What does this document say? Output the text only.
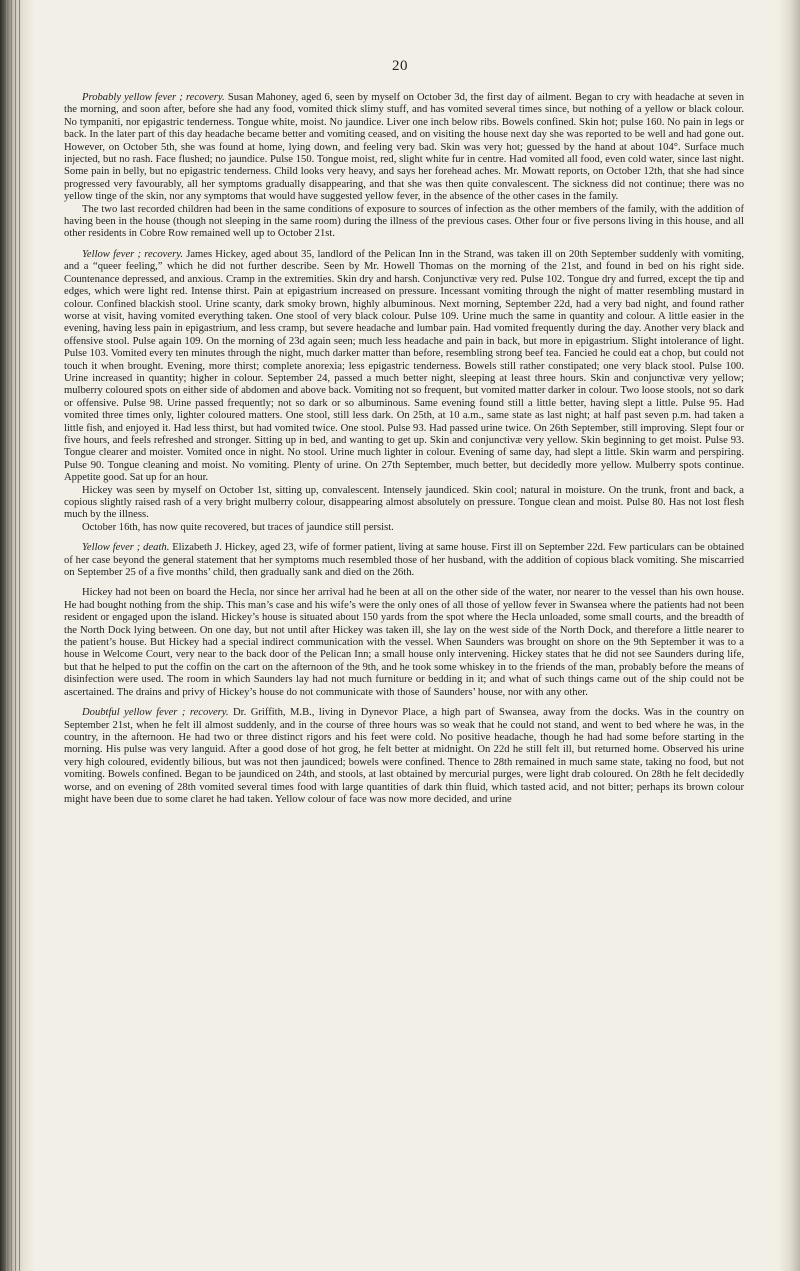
20

Probably yellow fever ; recovery. Susan Mahoney, aged 6, seen by myself on October 3d, the first day of ailment. Began to cry with headache at seven in the morning, and soon after, before she had any food, vomited thick slimy stuff, and has vomited several times since, but nothing of a yellow or black colour. No tympaniti, nor epigastric tenderness. Tongue white, moist. No jaundice. Liver one inch below ribs. Bowels confined. Skin hot; pulse 160. No pain in legs or back. In the later part of this day headache became better and vomiting ceased, and on visiting the house next day she was reported to be well and had gone out. However, on October 5th, she was found at home, lying down, and feeling very bad. Skin was very hot; guessed by the hand at about 104°. Surface much injected, but no rash. Face flushed; no jaundice. Pulse 150. Tongue moist, red, slight white fur in centre. Had vomited all food, even cold water, since last night. Some pain in belly, but no epigastric tenderness. Child looks very heavy, and says her forehead aches. Mr. Mowatt reports, on October 12th, that she had since progressed very favourably, all her symptoms gradually disappearing, and that she was then quite convalescent. The sickness did not continue; there was no yellow tinge of the skin, nor any symptoms that would have suggested yellow fever, in the absence of the other cases in the family.

The two last recorded children had been in the same conditions of exposure to sources of infection as the other members of the family, with the addition of having been in the house (though not sleeping in the same room) during the illness of the previous cases. Other four or five persons living in this house, and all other residents in Cobre Row remained well up to October 21st.

Yellow fever ; recovery. James Hickey, aged about 35, landlord of the Pelican Inn in the Strand, was taken ill on 20th September suddenly with vomiting, and a “queer feeling,” which he did not further describe. Seen by Mr. Howell Thomas on the morning of the 21st, and found in bed on his right side. Countenance depressed, and anxious. Cramp in the extremities. Skin dry and harsh. Conjunctivæ very red. Pulse 102. Tongue dry and furred, except the tip and edges, which were light red. Intense thirst. Pain at epigastrium increased on pressure. Incessant vomiting through the night of matter resembling mustard in colour. Confined blackish stool. Urine scanty, dark smoky brown, highly albuminous. Next morning, September 22d, had a very bad night, and found rather worse at visit, having vomited everything taken. One stool of very black colour. Pulse 109. Urine much the same in quantity and colour. A little easier in the evening, having less pain in epigastrium, and less cramp, but severe headache and lumbar pain. Had vomited frequently during the day. Another very black and offensive stool. Pulse again 109. On the morning of 23d again seen; much less headache and pain in back, but more in epigastrium. Slight intolerance of light. Pulse 103. Vomited every ten minutes through the night, much darker matter than before, resembling strong beef tea. Fancied he could eat a chop, but could not touch it when brought. Evening, more thirst; complete anorexia; less epigastric tenderness. Bowels still rather constipated; one very black stool. Pulse 100. Urine increased in quantity; higher in colour. September 24, passed a much better night, sleeping at least three hours. Skin and conjunctivæ very yellow; mulberry coloured spots on either side of abdomen and above back. Vomiting not so frequent, but vomited matter darker in colour. Two loose stools, not so dark or offensive. Pulse 98. Urine passed frequently; not so dark or so albuminous. Same evening found still a little better, having slept a little. Pulse 95. Had vomited three times only, lighter coloured matters. One stool, still less dark. On 25th, at 10 a.m., same state as last night; at half past seven p.m. had taken a little fish, and enjoyed it. Had less thirst, but had vomited twice. One stool. Pulse 93. Had passed urine twice. On 26th September, still improving. Slept four or five hours, and feels refreshed and stronger. Sitting up in bed, and wanting to get up. Skin and conjunctivæ very yellow. Skin beginning to get moist. Pulse 93. Tongue clearer and moister. Vomited once in night. No stool. Urine much lighter in colour. Evening of same day, had slept a little. Skin warm and perspiring. Pulse 90. Tongue cleaning and moist. No vomiting. Plenty of urine. On 27th September, much better, but decidedly more yellow. Mulberry spots continue. Appetite good. Sat up for an hour.

Hickey was seen by myself on October 1st, sitting up, convalescent. Intensely jaundiced. Skin cool; natural in moisture. On the trunk, front and back, a copious slightly raised rash of a very bright mulberry colour, disappearing almost absolutely on pressure. Tongue clean and moist. Pulse 80. Has not lost flesh much by the illness.

October 16th, has now quite recovered, but traces of jaundice still persist.

Yellow fever ; death. Elizabeth J. Hickey, aged 23, wife of former patient, living at same house. First ill on September 22d. Few particulars can be obtained of her case beyond the general statement that her symptoms much resembled those of her husband, with the addition of copious black vomiting. She miscarried on September 25 of a five months’ child, then gradually sank and died on the 26th.

Hickey had not been on board the Hecla, nor since her arrival had he been at all on the other side of the water, nor nearer to the vessel than his own house. He had bought nothing from the ship. This man’s case and his wife’s were the only ones of all those of yellow fever in Swansea where the patients had not been resident or engaged upon the island. Hickey’s house is situated about 150 yards from the spot where the Hecla unloaded, some small courts, and the breadth of the North Dock lying between. On one day, but not until after Hickey was taken ill, she lay on the west side of the North Dock, and therefore a little nearer to the patient’s house. But Hickey had a special indirect communication with the vessel. When Saunders was brought on shore on the 9th September it was to a house in Welcome Court, very near to the back door of the Pelican Inn; a small house only intervening. Hickey states that he did not see Saunders during life, but that he helped to put the coffin on the cart on the afternoon of the 9th, and he took some whiskey in to the friends of the man, probably before the means of disinfection were used. The room in which Saunders lay had not much furniture or bedding in it; and what of such things came out of the ship could not be ascertained. The drains and privy of Hickey’s house do not communicate with those of Saunders’ house, nor with any other.

Doubtful yellow fever ; recovery. Dr. Griffith, M.B., living in Dynevor Place, a high part of Swansea, away from the docks. Was in the country on September 21st, when he felt ill almost suddenly, and in the course of three hours was so weak that he could not stand, and went to bed where he was, in the country, in the afternoon. He had two or three distinct rigors and his feet were cold. No positive headache, though he had had some before starting in the morning. His pulse was very languid. After a good dose of hot grog, he felt better at midnight. On 22d he still felt ill, but returned home. Observed his urine very high coloured, evidently bilious, but was not then jaundiced; bowels were confined. Thence to 28th remained in much same state, taking no food, but not vomiting. Bowels confined. Began to be jaundiced on 24th, and stools, at last obtained by mercurial purges, were light drab coloured. On 28th he felt decidedly worse, and on evening of 28th vomited several times food with large quantities of dark thin fluid, which tasted acid, and not bitter; perhaps its brown colour might have been due to some claret he had taken. Yellow colour of face was now more decided, and urine
